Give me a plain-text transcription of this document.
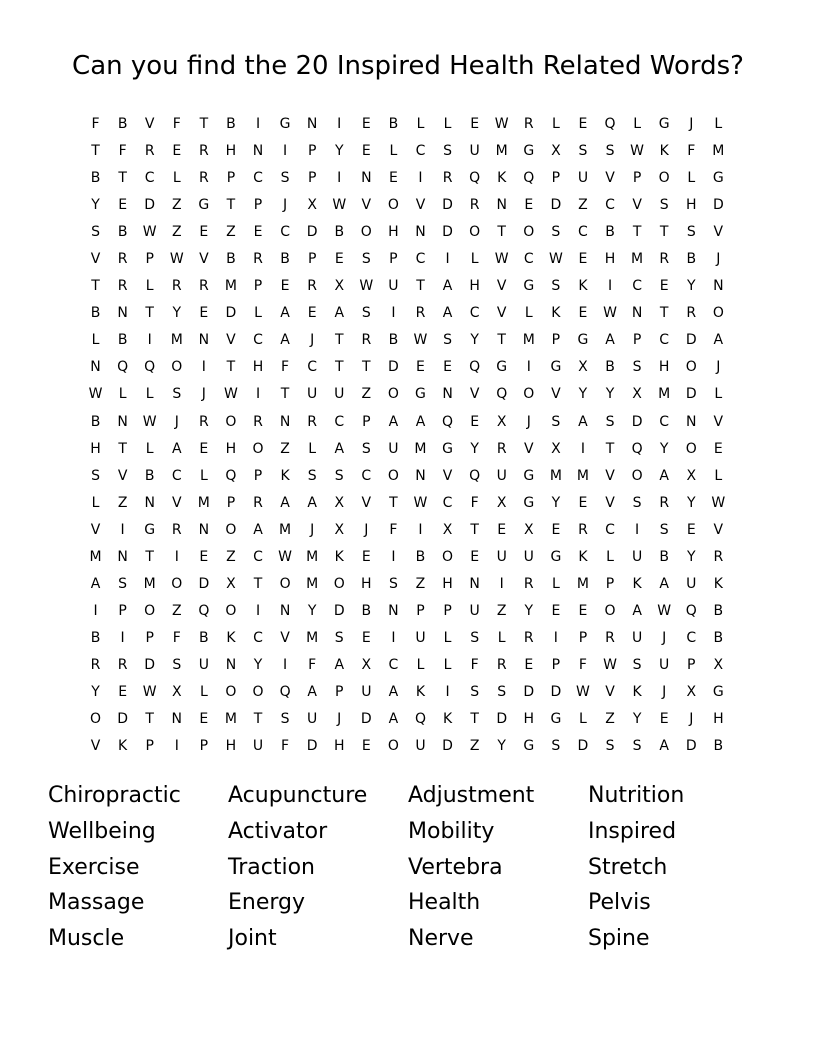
Can you find the 20 Inspired Health Related Words?
F	B	V	F	T	B	I	G	N	I	E	B	L	L	E	W	R	L	E	Q	L	G	J	L
T	F	R	E	R	H	N	I	P	Y	E	L	C	S	U	M	G	X	S	S	W	K	F	M
B	T	C	L	R	P	C	S	P	I	N	E	I	R	Q	K	Q	P	U	V	P	O	L	G
Y	E	D	Z	G	T	P	J	X	W	V	O	V	D	R	N	E	D	Z	C	V	S	H	D
S	B	W	Z	E	Z	E	C	D	B	O	H	N	D	O	T	O	S	C	B	T	T	S	V
V	R	P	W	V	B	R	B	P	E	S	P	C	I	L	W	C	W	E	H	M	R	B	J
T	R	L	R	R	M	P	E	R	X	W	U	T	A	H	V	G	S	K	I	C	E	Y	N
B	N	T	Y	E	D	L	A	E	A	S	I	R	A	C	V	L	K	E	W	N	T	R	O
L	B	I	M	N	V	C	A	J	T	R	B	W	S	Y	T	M	P	G	A	P	C	D	A
N	Q	Q	O	I	T	H	F	C	T	T	D	E	E	Q	G	I	G	X	B	S	H	O	J
W	L	L	S	J	W	I	T	U	U	Z	O	G	N	V	Q	O	V	Y	Y	X	M	D	L
B	N	W	J	R	O	R	N	R	C	P	A	A	Q	E	X	J	S	A	S	D	C	N	V
H	T	L	A	E	H	O	Z	L	A	S	U	M	G	Y	R	V	X	I	T	Q	Y	O	E
S	V	B	C	L	Q	P	K	S	S	C	O	N	V	Q	U	G	M	M	V	O	A	X	L
L	Z	N	V	M	P	R	A	A	X	V	T	W	C	F	X	G	Y	E	V	S	R	Y	W
V	I	G	R	N	O	A	M	J	X	J	F	I	X	T	E	X	E	R	C	I	S	E	V
M	N	T	I	E	Z	C	W	M	K	E	I	B	O	E	U	U	G	K	L	U	B	Y	R
A	S	M	O	D	X	T	O	M	O	H	S	Z	H	N	I	R	L	M	P	K	A	U	K
I	P	O	Z	Q	O	I	N	Y	D	B	N	P	P	U	Z	Y	E	E	O	A	W	Q	B
B	I	P	F	B	K	C	V	M	S	E	I	U	L	S	L	R	I	P	R	U	J	C	B
R	R	D	S	U	N	Y	I	F	A	X	C	L	L	F	R	E	P	F	W	S	U	P	X
Y	E	W	X	L	O	O	Q	A	P	U	A	K	I	S	S	D	D	W	V	K	J	X	G
O	D	T	N	E	M	T	S	U	J	D	A	Q	K	T	D	H	G	L	Z	Y	E	J	H
V	K	P	I	P	H	U	F	D	H	E	O	U	D	Z	Y	G	S	D	S	S	A	D	B
Chiropractic	Acupuncture	Adjustment	Nutrition
Wellbeing	Activator	Mobility	Inspired
Exercise	Traction	Vertebra	Stretch
Massage	Energy	Health	Pelvis
Muscle	Joint	Nerve	Spine
